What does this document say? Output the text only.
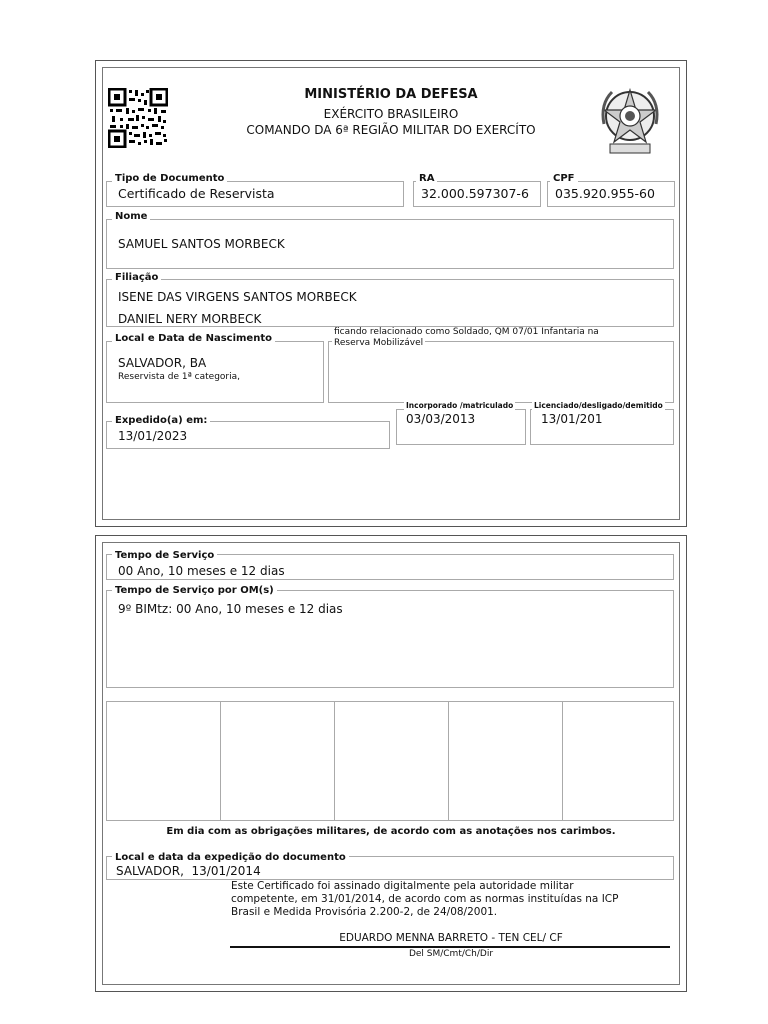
MINISTÉRIO DA DEFESA
EXÉRCITO BRASILEIRO
COMANDO DA 6ª REGIÃO MILITAR DO EXERCÍTO
Tipo de Documento
Certificado de Reservista
RA
32.000.597307-6
CPF
035.920.955-60
Nome
SAMUEL SANTOS MORBECK
Filiação
ISENE DAS VIRGENS SANTOS MORBECK
DANIEL NERY MORBECK
Local e Data de Nascimento
SALVADOR, BA
Reservista de 1ª categoria,
ficando relacionado como Soldado, QM 07/01 Infantaria na
Reserva Mobilizável
Expedido(a) em:
13/01/2023
Incorporado /matriculado
03/03/2013
Licenciado/desligado/demitido
13/01/201
Tempo de Serviço
00 Ano, 10 meses e 12 dias
Tempo de Serviço por OM(s)
9º BIMtz: 00 Ano, 10 meses e 12 dias
Em dia com as obrigações militares, de acordo com as anotações nos carimbos.
Local e data da expedição do documento
SALVADOR,  13/01/2014
Este Certificado foi assinado digitalmente pela autoridade militar
competente, em 31/01/2014, de acordo com as normas instituídas na ICP
Brasil e Medida Provisória 2.200-2, de 24/08/2001.
EDUARDO MENNA BARRETO - TEN CEL/ CF
Del SM/Cmt/Ch/Dir
